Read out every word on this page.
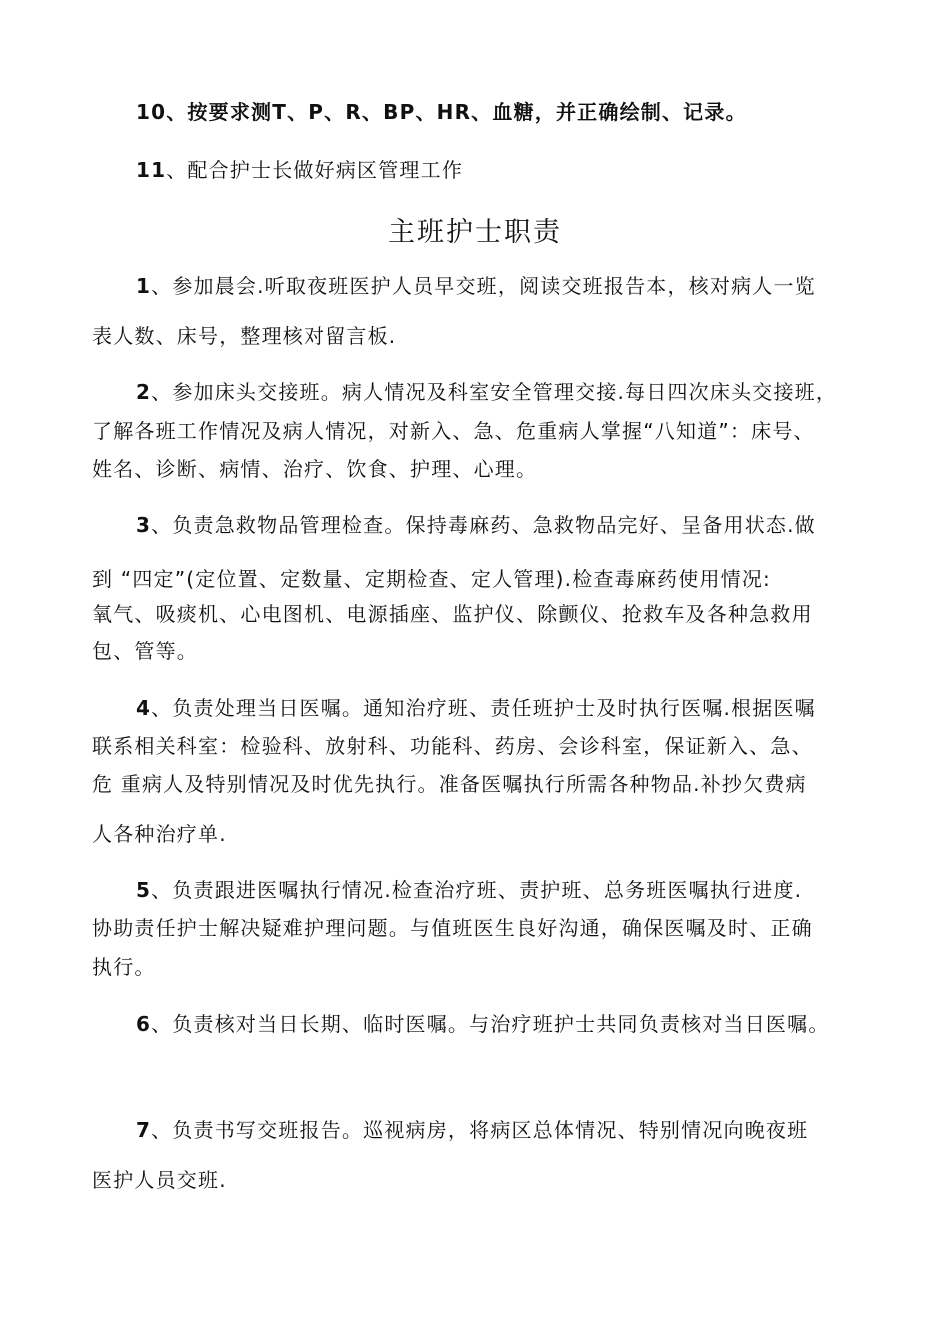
10、按要求测T、P、R、BP、HR、血糖，并正确绘制、记录。
11、配合护士长做好病区管理工作
主班护士职责
1、参加晨会.听取夜班医护人员早交班，阅读交班报告本，核对病人一览
表人数、床号，整理核对留言板.
2、参加床头交接班。病人情况及科室安全管理交接.每日四次床头交接班，
了解各班工作情况及病人情况，对新入、急、危重病人掌握“八知道”：床号、
姓名、诊断、病情、治疗、饮食、护理、心理。
3、负责急救物品管理检查。保持毒麻药、急救物品完好、呈备用状态.做
到 “四定”(定位置、定数量、定期检查、定人管理).检查毒麻药使用情况:
氧气、吸痰机、心电图机、电源插座、监护仪、除颤仪、抢救车及各种急救用
包、管等。
4、负责处理当日医嘱。通知治疗班、责任班护士及时执行医嘱.根据医嘱
联系相关科室：检验科、放射科、功能科、药房、会诊科室，保证新入、急、
危 重病人及特别情况及时优先执行。准备医嘱执行所需各种物品.补抄欠费病
人各种治疗单.
5、负责跟进医嘱执行情况.检查治疗班、责护班、总务班医嘱执行进度.
协助责任护士解决疑难护理问题。与值班医生良好沟通，确保医嘱及时、正确
执行。
6、负责核对当日长期、临时医嘱。与治疗班护士共同负责核对当日医嘱。
7、负责书写交班报告。巡视病房，将病区总体情况、特别情况向晚夜班
医护人员交班.
